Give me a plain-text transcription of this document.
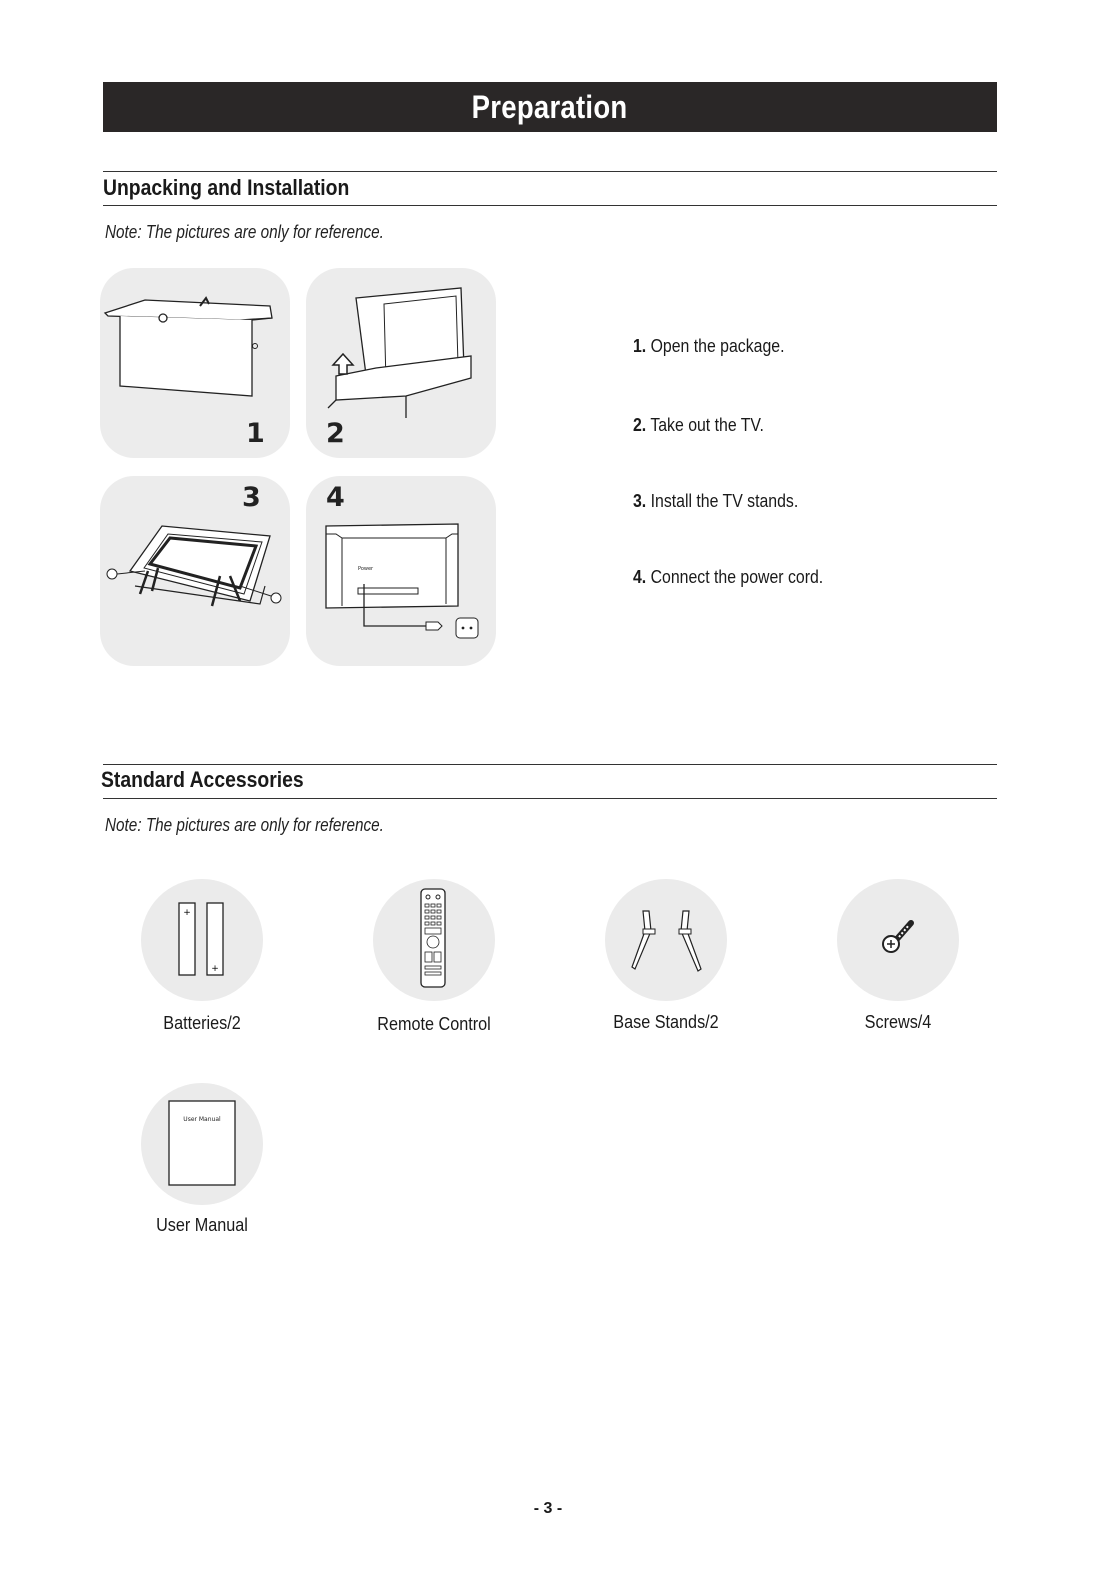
Preparation
Unpacking and Installation
Note: The pictures are only for reference.
1 2
3 4
Power
1. Open the package.
2. Take out the TV.
3. Install the TV stands.
4. Connect the power cord.
Standard Accessories
Note: The pictures are only for reference.
+
+
Batteries/2	Remote Control	Base Stands/2	Screws/4
User Manual
User Manual
- 3 -
